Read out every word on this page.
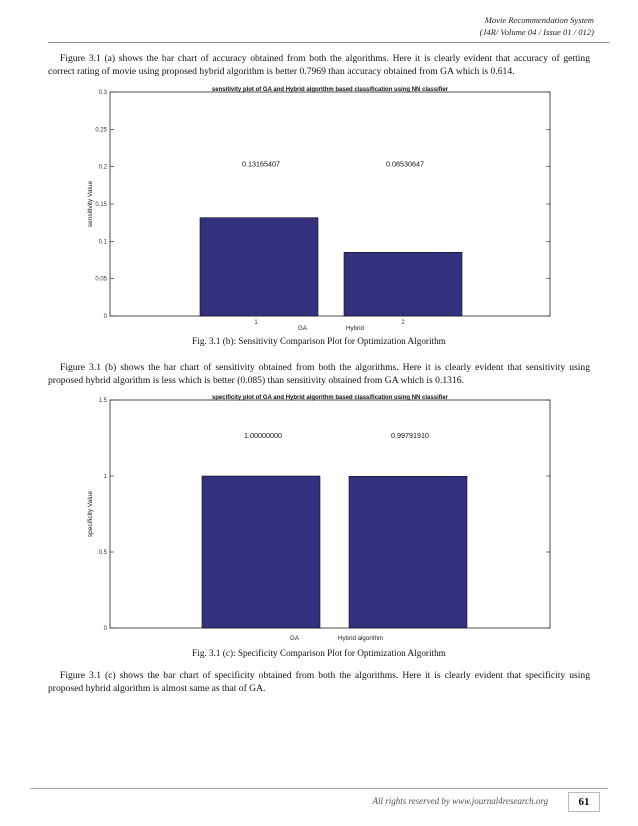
Movie Recommendation System
(J4R/ Volume 04 / Issue 01 / 012)
Figure 3.1 (a) shows the bar chart of accuracy obtained from both the algorithms. Here it is clearly evident that accuracy of getting correct rating of movie using proposed hybrid algorithm is better 0.7969 than accuracy obtained from GA which is 0.614.
sensitivity plot of GA and Hybrid algorithm based classification using NN classifier
0
0.05
0.1
0.15
0.2
0.25
0.3
sensitivity Value
0.13165407	0.08530647
1	2
GA	Hybrid
Fig. 3.1 (b): Sensitivity Comparison Plot for Optimization Algorithm
Figure 3.1 (b) shows the bar chart of sensitivity obtained from both the algorithms. Here it is clearly evident that sensitivity using proposed hybrid algorithm is less which is better (0.085) than sensitivity obtained from GA which is 0.1316.
specificity plot of GA and Hybrid algorithm based classification using NN classifier
0
0.5
1
1.5
specificity Value
1.00000000	0.99791910
GA	Hybrid algorithm
Fig. 3.1 (c): Specificity Comparison Plot for Optimization Algorithm
Figure 3.1 (c) shows the bar chart of specificity obtained from both the algorithms. Here it is clearly evident that specificity using proposed hybrid algorithm is almost same as that of GA.
All rights reserved by www.journal4research.org	61
